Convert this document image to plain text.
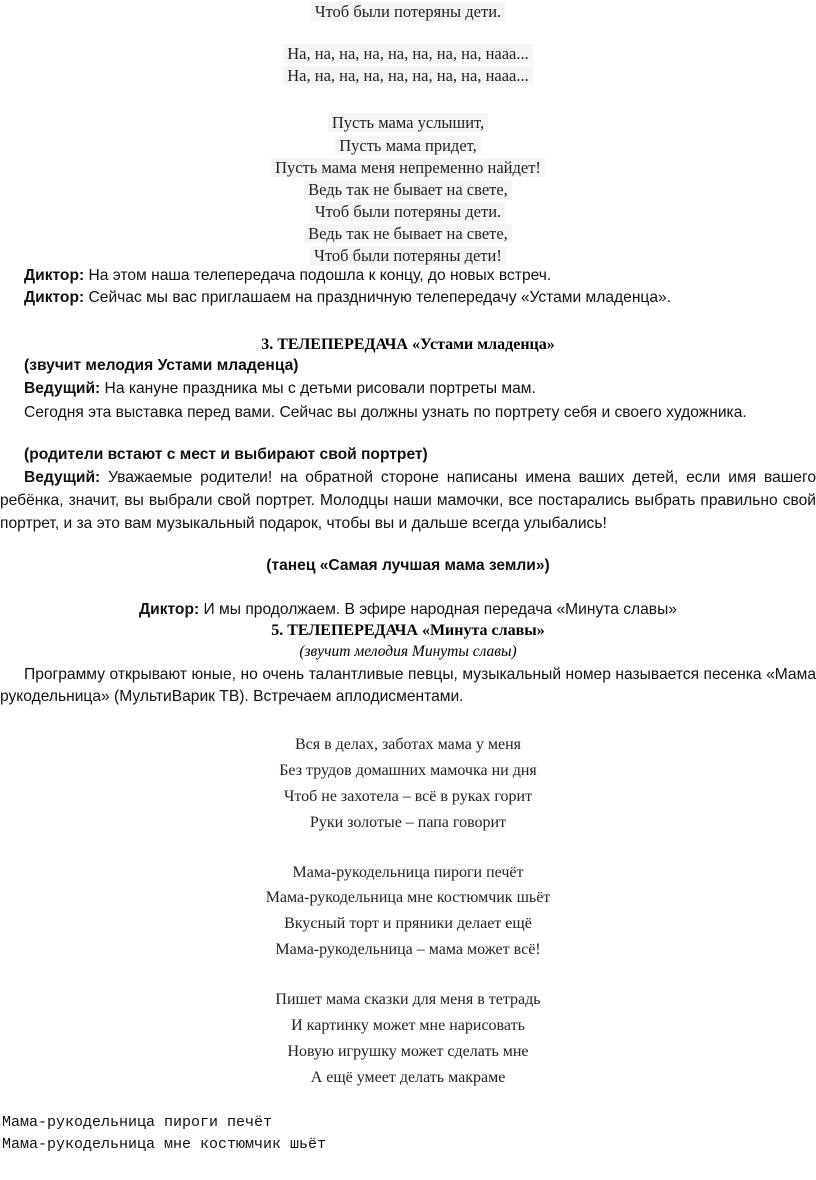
Чтоб были потеряны дети.
На, на, на, на, на, на, на, на, нааа...
На, на, на, на, на, на, на, на, нааа...
Пусть мама услышит,
Пусть мама придет,
Пусть мама меня непременно найдет!
Ведь так не бывает на свете,
Чтоб были потеряны дети.
Ведь так не бывает на свете,
Чтоб были потеряны дети!
Диктор: На этом наша телепередача подошла к концу, до новых встреч.
Диктор: Сейчас мы вас приглашаем на праздничную телепередачу «Устами младенца».
3. ТЕЛЕПЕРЕДАЧА «Устами младенца»
(звучит мелодия Устами младенца)
Ведущий: На кануне праздника мы с детьми рисовали портреты мам.
Сегодня эта выставка перед вами. Сейчас вы должны узнать по портрету себя и своего художника.
(родители встают с мест и выбирают свой портрет)
Ведущий: Уважаемые родители! на обратной стороне написаны имена ваших детей, если имя вашего ребёнка, значит, вы выбрали свой портрет. Молодцы наши мамочки, все постарались выбрать правильно свой портрет, и за это вам музыкальный подарок, чтобы вы и дальше всегда улыбались!
(танец «Самая лучшая мама земли»)
Диктор: И мы продолжаем. В эфире народная передача «Минута славы»
5. ТЕЛЕПЕРЕДАЧА «Минута славы»
(звучит мелодия Минуты славы)
Программу открывают юные, но очень талантливые певцы, музыкальный номер называется песенка «Мама рукодельница» (МультиВарик ТВ). Встречаем аплодисментами.
Вся в делах, заботах мама у меня
Без трудов домашних мамочка ни дня
Чтоб не захотела – всё в руках горит
Руки золотые – папа говорит
Мама-рукодельница пироги печёт
Мама-рукодельница мне костюмчик шьёт
Вкусный торт и пряники делает ещё
Мама-рукодельница – мама может всё!
Пишет мама сказки для меня в тетрадь
И картинку может мне нарисовать
Новую игрушку может сделать мне
А ещё умеет делать макраме
Мама-рукодельница пироги печёт
Мама-рукодельница мне костюмчик шьёт
